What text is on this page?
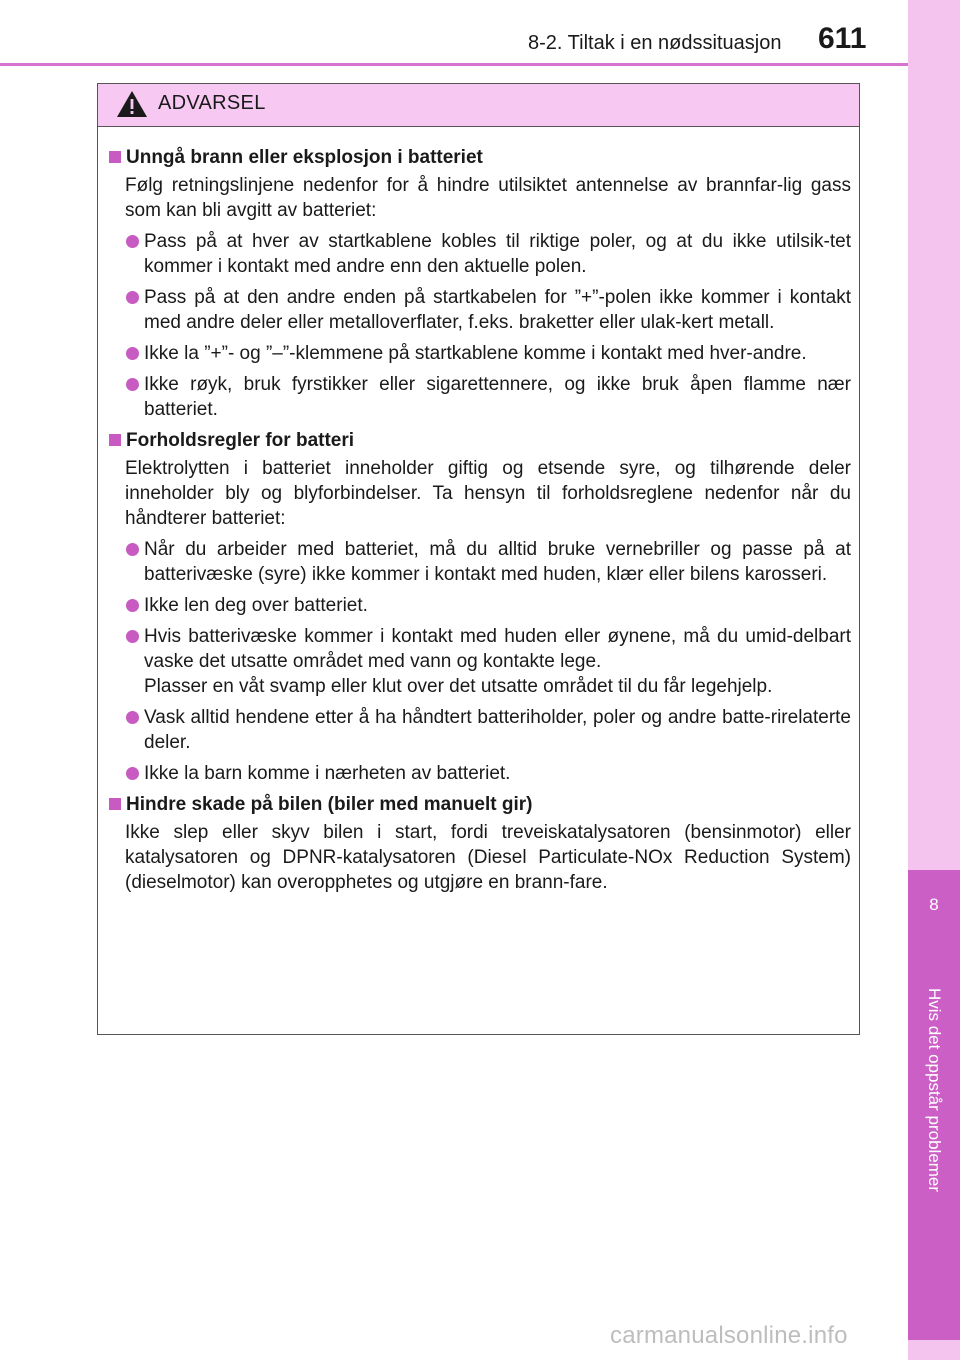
8
Hvis det oppstår problemer
8-2. Tiltak i en nødssituasjon 611
ADVARSEL
Unngå brann eller eksplosjon i batteriet

Følg retningslinjene nedenfor for å hindre utilsiktet antennelse av brannfar-lig gass som kan bli avgitt av batteriet:

Pass på at hver av startkablene kobles til riktige poler, og at du ikke utilsik-tet kommer i kontakt med andre enn den aktuelle polen.
Pass på at den andre enden på startkabelen for ”+”-polen ikke kommer i kontakt med andre deler eller metalloverflater, f.eks. braketter eller ulak-kert metall.
Ikke la ”+”- og ”–”-klemmene på startkablene komme i kontakt med hver-andre.
Ikke røyk, bruk fyrstikker eller sigarettennere, og ikke bruk åpen flamme nær batteriet.
Forholdsregler for batteri

Elektrolytten i batteriet inneholder giftig og etsende syre, og tilhørende deler inneholder bly og blyforbindelser. Ta hensyn til forholdsreglene nedenfor når du håndterer batteriet:

Når du arbeider med batteriet, må du alltid bruke vernebriller og passe på at batterivæske (syre) ikke kommer i kontakt med huden, klær eller bilens karosseri.
Ikke len deg over batteriet.
Hvis batterivæske kommer i kontakt med huden eller øynene, må du umid-delbart vaske det utsatte området med vann og kontakte lege.
Plasser en våt svamp eller klut over det utsatte området til du får legehjelp.
Vask alltid hendene etter å ha håndtert batteriholder, poler og andre batte-rirelaterte deler.
Ikke la barn komme i nærheten av batteriet.
Hindre skade på bilen (biler med manuelt gir)

Ikke slep eller skyv bilen i start, fordi treveiskatalysatoren (bensinmotor) eller katalysatoren og DPNR-katalysatoren (Diesel Particulate-NOx Reduction System) (dieselmotor) kan overopphetes og utgjøre en brann-fare.

carmanualsonline.info
